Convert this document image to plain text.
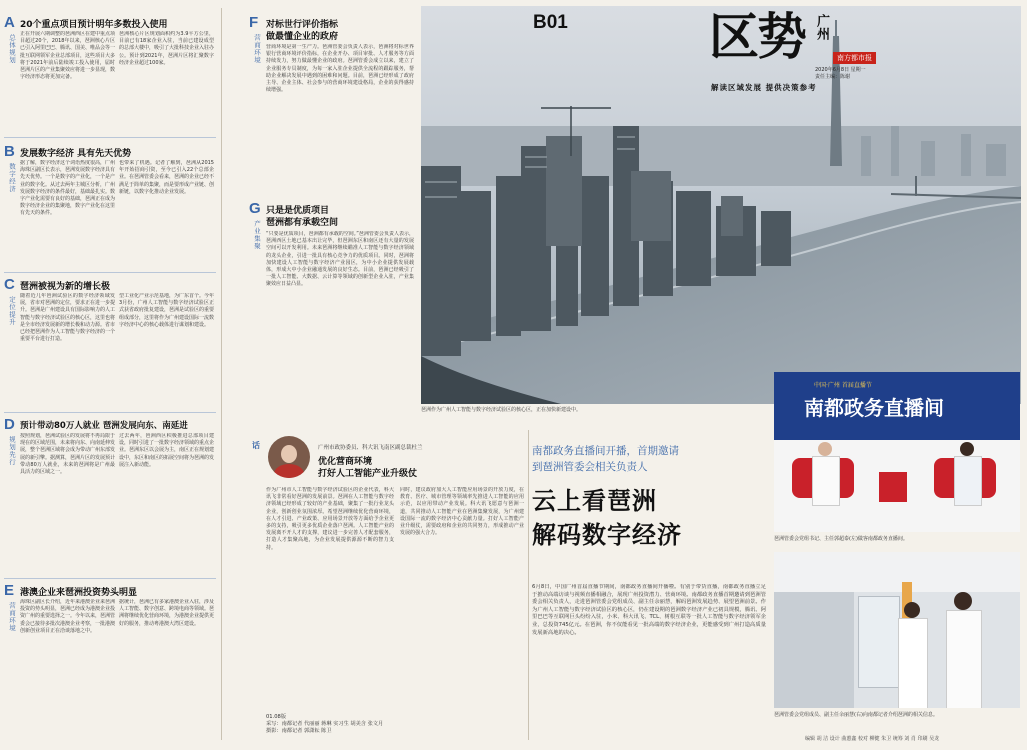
A
总体规划
20个重点项目预计明年多数投入使用
正在开展六期调整的琶洲西区在建中重点项目超过20个，2018年以来，琶洲核心片区已引入阿里巴巴、腾讯、国美、唯品会等一批互联网领军企业总部项目，这些项目大多将于2021年前后陆续竣工投入使用，届时琶洲片区的产业集聚效应将进一步显现，数字经济形态将更加完备。
琶洲核心片区规划面积约为3.9平方公里，目前已有18家企业入驻，当前已建设成型的总部大楼中，吸引了大批科技企业入驻办公。预计到2021年，琶洲片区将汇聚数字经济企业超过100家。
B
数字经济
发展数字经济 具有先天优势
据了解，数字经济这个词语热度很高，广州海珠区副区长表示，琶洲发展数字经济具有先天优势。一个是数字的产业化，一个是产业的数字化。从过去两年主城区分析，广州发展数字经济的条件最好，基础最扎实。数字产业化需要有良好的基础，琶洲正在成为数字经济企业的集聚地，数字产业化在这里有先天的条件。
也带来了机遇。记者了解到，琶洲从2015年开始招商引资，至今已引入22个总部企业。在琶洲管委会看来，琶洲的企业已经不满足于简单的集聚，而是要形成产业链、创新链，以数字化推动企业发展。
C
定位提升
琶洲被视为新的增长极
随着近几年琶洲试验区的数字经济领域发展，省市对琶洲的定位，要求正在进一步提升。琶洲是广州建设具有国际影响力的人工智能与数字经济试验区的核心区，这里也将是全市经济发展新的增长极和动力源。省市已经把琶洲作为人工智能与数字经济的一个重要平台进行打造。
型工业化产业示范基地，为广东首个。今年3月份，广州人工智能与数字经济试验区正式获省政府批复建设，琶洲是试验区的重要组成部分，这里将作为广州建设国际一流数字经济中心的核心载体进行谋划和建设。
D
规划先行
预计带动80万人就业 琶洲发展向东、南延进
按照规划，琶洲试验区的发展将不再局限于现在的区域范围，未来将向东、向南延伸发展，整个琶洲区域将会成为带动广州东部发展的新引擎。据测算，琶洲片区的发展预计带动80万人就业，未来的琶洲将是广州最具活力的区域之一。
过去两年，琶洲西区积极推进总部项目建设，同时引进了一批数字经济领域的重点企业。琶洲东区以会展为主，南区正在规划建设中，东区和南区的拓展空间将为琶洲的发展注入新动能。
E
营商环境
港澳企业来琶洲投资势头明显
海珠区副区长介绍，近年来港澳企业来琶洲投资的势头明显，琶洲已经成为港澳企业投资广州的重要选择之一。今年以来，琶洲管委会已接待多批次港澳企业考察，一批港澳创新创业项目正在洽谈落地之中。
据统计，琶洲已有多家港澳企业入驻，涉及人工智能、数字创意、跨境电商等领域。琶洲将继续优化营商环境，为港澳企业提供更好的服务，推动粤港澳大湾区建设。
F
营商环境
对标世行评价指标
做最懂企业的政府
营商环境是第一生产力。琶洲管委会负责人表示，琶洲将对标世界银行营商环境评价指标，在企业开办、项目审批、人才服务等方面持续发力，努力做最懂企业的政府。琶洲管委会成立以来，建立了企业服务专员制度，为每一家入驻企业提供全流程的跟踪服务，帮助企业解决发展中遇到的困难和问题。目前，琶洲已经形成了政府主导、企业主体、社会参与的营商环境建设格局，企业的获得感持续增强。
G
产业集聚
只是是优质项目
琶洲都有承载空间
“只要是优质项目，琶洲都有承载的空间。”琶洲管委会负责人表示，琶洲西区土地已基本出让完毕，但琶洲东区和南区还有大量的发展空间可以开发利用。未来琶洲将继续瞄准人工智能与数字经济领域的龙头企业，引进一批具有核心竞争力的优质项目。同时，琶洲将加快建设人工智能与数字经济产业园区，为中小企业提供发展载体，形成大中小企业融通发展的良好生态。目前，琶洲已经吸引了一批人工智能、大数据、云计算等领域的创新型企业入驻，产业集聚效应日益凸显。
B01	区势 广州
南方都市报
2020年6月8日 星期一
责任主编：陈谢
解读区域发展 提供决策参考
琶洲作为广州人工智能与数字经济试验区的核心区，正在加快新建设中。
话	广州市政协委员、科大讯飞南区副总裁杜兰
优化营商环境
打好人工智能产业升级仗
作为广州市人工智能与数字经济试验区的企业代表，科大讯飞非常看好琶洲的发展前景。琶洲在人工智能与数字经济领域已经形成了较好的产业基础，聚集了一批行业龙头企业，创新创业氛围浓厚。希望琶洲继续优化营商环境，在人才引进、产业政策、应用场景开放等方面给予企业更多的支持，吸引更多优质企业落户琶洲。人工智能产业的发展离不开人才的支撑，建议进一步完善人才配套服务，打造人才集聚高地，为企业发展提供源源不断的智力支持。
同时，建议政府加大人工智能应用场景的开放力度，在教育、医疗、城市管理等领域率先推进人工智能的应用示范，以应用带动产业发展。科大讯飞愿意与琶洲一道，共同推动人工智能产业在琶洲集聚发展，为广州建设国际一流的数字经济中心贡献力量。打好人工智能产业升级仗，需要政府和企业的共同努力，形成推动产业发展的强大合力。
01.08版
采写：南都记者 代丽丽 蒋琳 实习生 胡美含 张文月
摄影：南都记者 郭潇耘 陈卫
南都政务直播间开播，首期邀请
到琶洲管委会相关负责人
云上看琶洲
解码数字经济
6月8日，中国广州首届直播节期间，南都政务直播间开播啦。有别于带货直播，南都政务直播立足于推动高端访谈与视频直播相融合，展现广州投资潜力、营商环境。南都政务直播首期邀请到琶洲管委会相关负责人，走进琶洲管委会党组成员、副主任余丽慧，解码琶洲发展趋势、展望琶洲前景。作为广州人工智能与数字经济试验区的核心区，仍在建设期的琶洲数字经济产业已初具规模，腾讯、阿里巴巴等互联网巨头纷纷入驻，小米、科大讯飞、TCL、树根互联等一批人工智能与数字经济领军企业，总投资745亿元。在琶洲，你不仅能看见一批高端的数字经济企业，更能感受到广州打造高质量发展新高地的决心。
中国·广州 首届直播节
南都政务直播间
琶洲管委会党组书记、主任郭超泰(左)做客南都政务直播间。
琶洲管委会党组成员、副主任余丽慧(右)向南都记者介绍琶洲的相关信息。
编辑 胡 洁 设计 曲蕙鑫 校对 柳健 朱卫 统筹 刘 肖 印刷 吴龙
